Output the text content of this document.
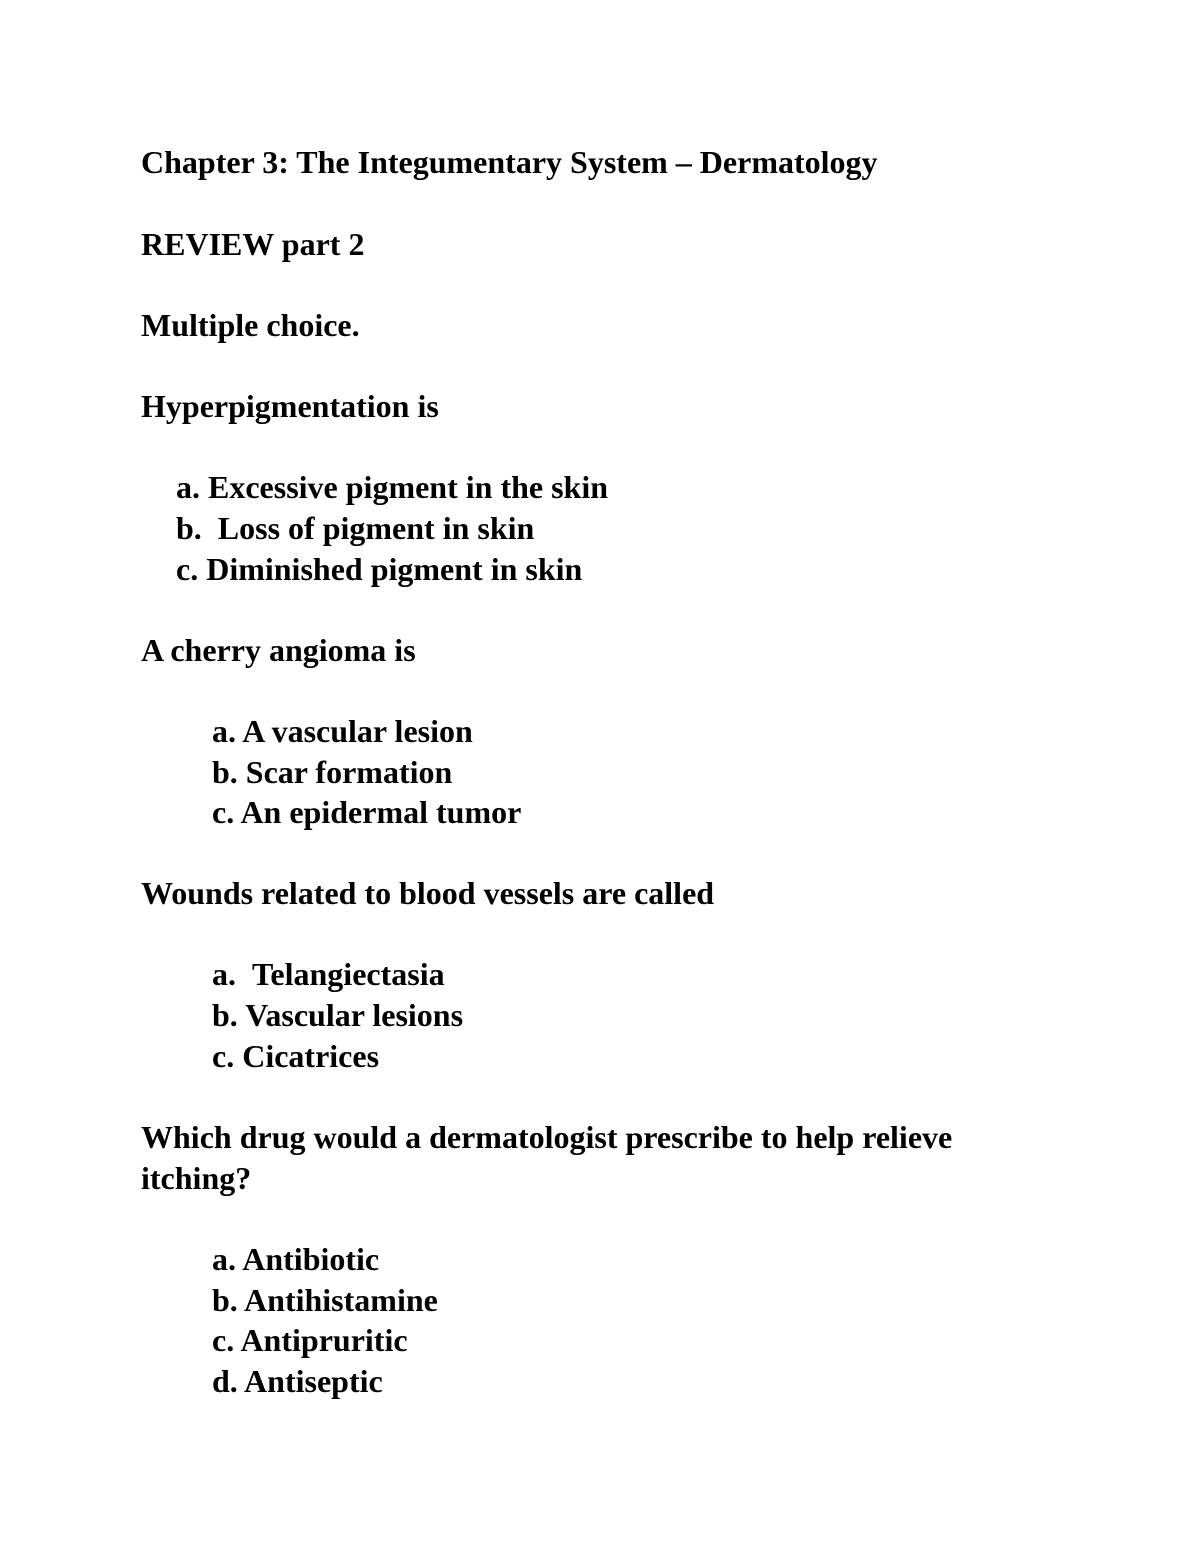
Chapter 3: The Integumentary System – Dermatology

REVIEW part 2

Multiple choice.

Hyperpigmentation is

a. Excessive pigment in the skin

b. Loss of pigment in skin

c. Diminished pigment in skin

A cherry angioma is

a. A vascular lesion

b. Scar formation

c. An epidermal tumor

Wounds related to blood vessels are called

a. Telangiectasia

b. Vascular lesions

c. Cicatrices

Which drug would a dermatologist prescribe to help relieve itching?

a. Antibiotic

b. Antihistamine

c. Antipruritic

d. Antiseptic
